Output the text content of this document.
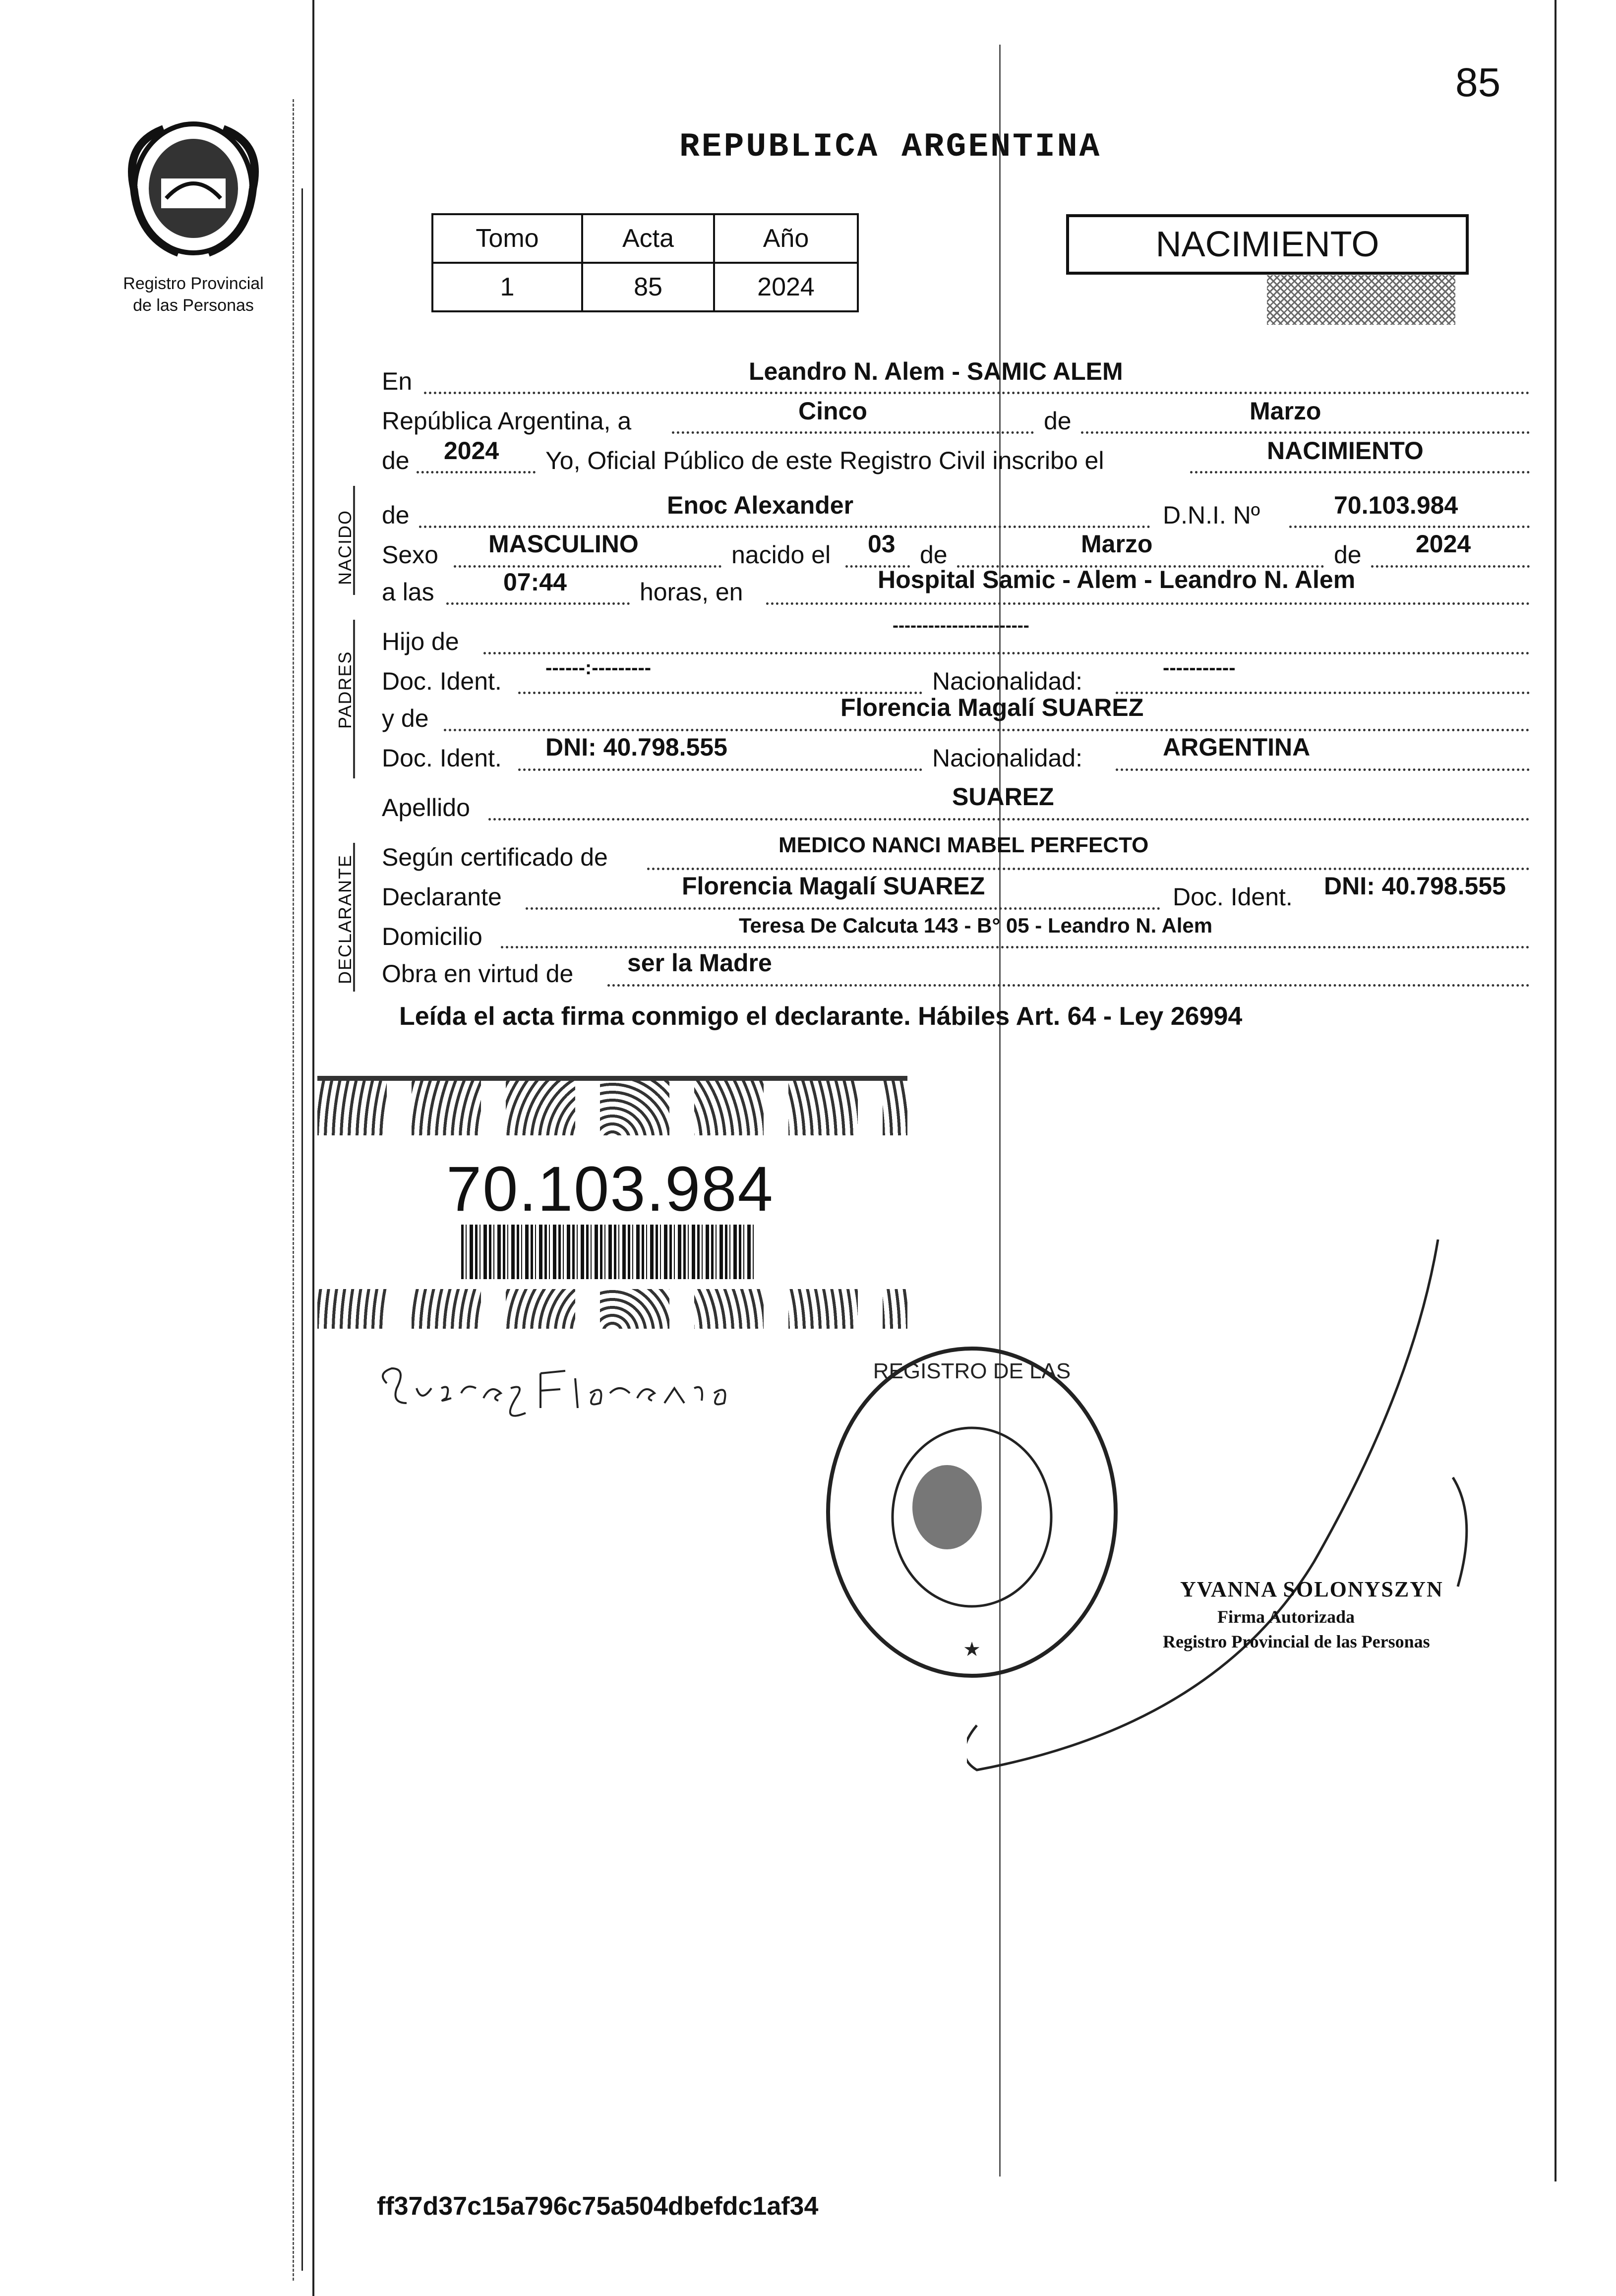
85
Registro Provincial
de las Personas
REPUBLICA ARGENTINA
Tomo	Acta	Año
1	85	2024
NACIMIENTO
En	Leandro N. Alem - SAMIC ALEM
República Argentina, a	Cinco	de	Marzo
de 2024 Yo, Oficial Público de este Registro Civil inscribo el	NACIMIENTO
NACIDO de	Enoc Alexander	D.N.I. Nº	70.103.984
Sexo MASCULINO	nacido el 03 de	Marzo	de 2024
a las	07:44	horas, en	Hospital Samic - Alem - Leandro N. Alem
PADRES
Hijo de
-----------------------
Doc. Ident. ------:---------	Nacionalidad:	-----------
y de	Florencia Magalí SUAREZ
Doc. Ident. DNI: 40.798.555	Nacionalidad:	ARGENTINA
Apellido	SUAREZ
DECLARANTE Según certificado de	MEDICO NANCI MABEL PERFECTO
Declarante	Florencia Magalí SUAREZ	Doc. Ident. DNI: 40.798.555
Domicilio	Teresa De Calcuta 143 - B° 05 - Leandro N. Alem
Obra en virtud de ser la Madre
Leída el acta firma conmigo el declarante. Hábiles Art. 64 - Ley 26994
70.103.984
REGISTRO DE LAS
★
YVANNA SOLONYSZYN
Firma Autorizada
Registro Provincial de las Personas
ff37d37c15a796c75a504dbefdc1af34
